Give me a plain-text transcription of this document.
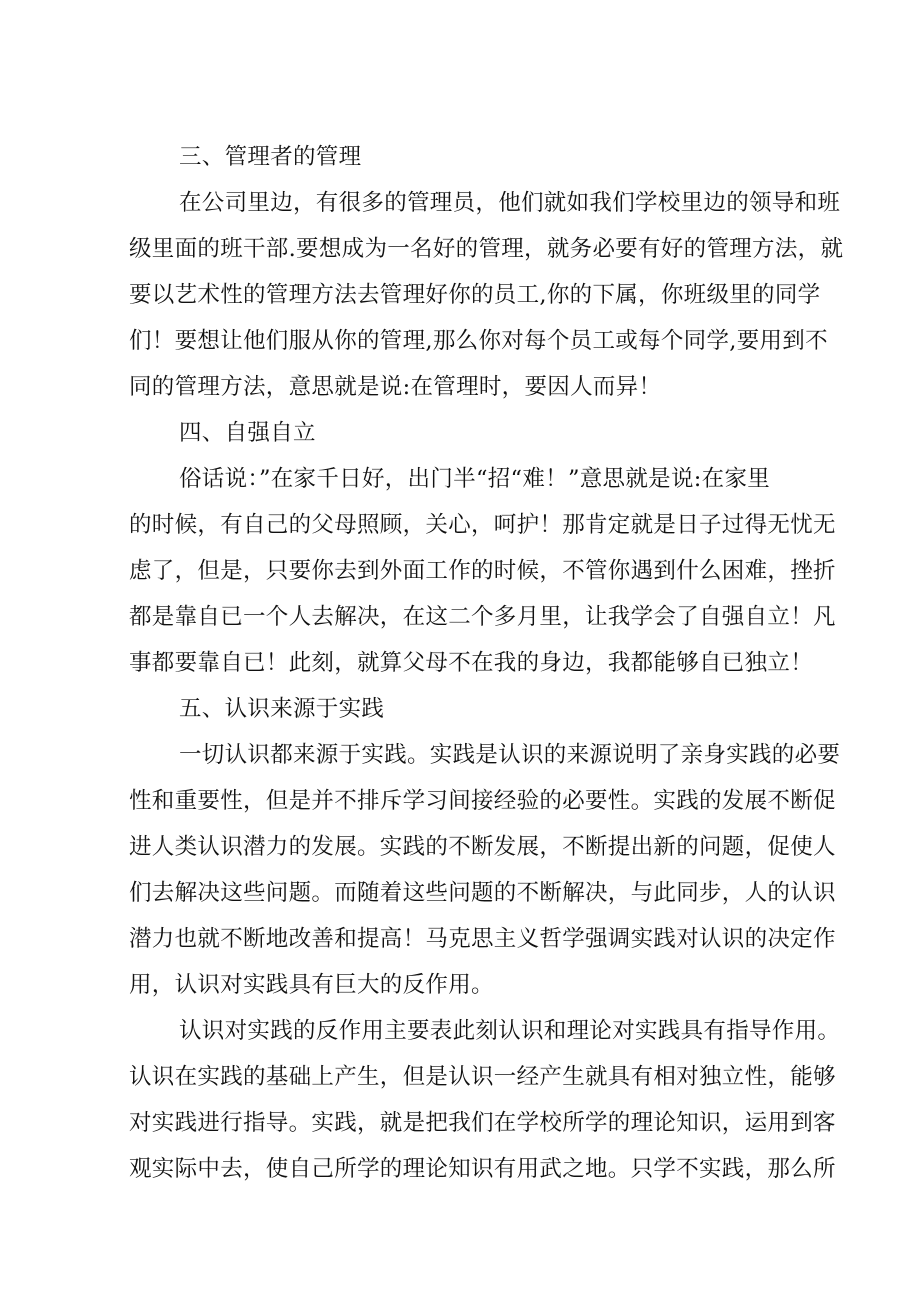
三、管理者的管理
在公司里边，有很多的管理员，他们就如我们学校里边的领导和班
级里面的班干部.要想成为一名好的管理，就务必要有好的管理方法，就
要以艺术性的管理方法去管理好你的员工,你的下属，你班级里的同学
们！要想让他们服从你的管理,那么你对每个员工或每个同学,要用到不
同的管理方法，意思就是说:在管理时，要因人而异！
四、自强自立
俗话说：”在家千日好，出门半“招“难！”意思就是说:在家里
的时候，有自己的父母照顾，关心，呵护！那肯定就是日子过得无忧无
虑了，但是，只要你去到外面工作的时候，不管你遇到什么困难，挫折
都是靠自已一个人去解决，在这二个多月里，让我学会了自强自立！凡
事都要靠自已！此刻，就算父母不在我的身边，我都能够自已独立！
五、认识来源于实践
一切认识都来源于实践。实践是认识的来源说明了亲身实践的必要
性和重要性，但是并不排斥学习间接经验的必要性。实践的发展不断促
进人类认识潜力的发展。实践的不断发展，不断提出新的问题，促使人
们去解决这些问题。而随着这些问题的不断解决，与此同步，人的认识
潜力也就不断地改善和提高！马克思主义哲学强调实践对认识的决定作
用，认识对实践具有巨大的反作用。
认识对实践的反作用主要表此刻认识和理论对实践具有指导作用。
认识在实践的基础上产生，但是认识一经产生就具有相对独立性，能够
对实践进行指导。实践，就是把我们在学校所学的理论知识，运用到客
观实际中去，使自己所学的理论知识有用武之地。只学不实践，那么所
